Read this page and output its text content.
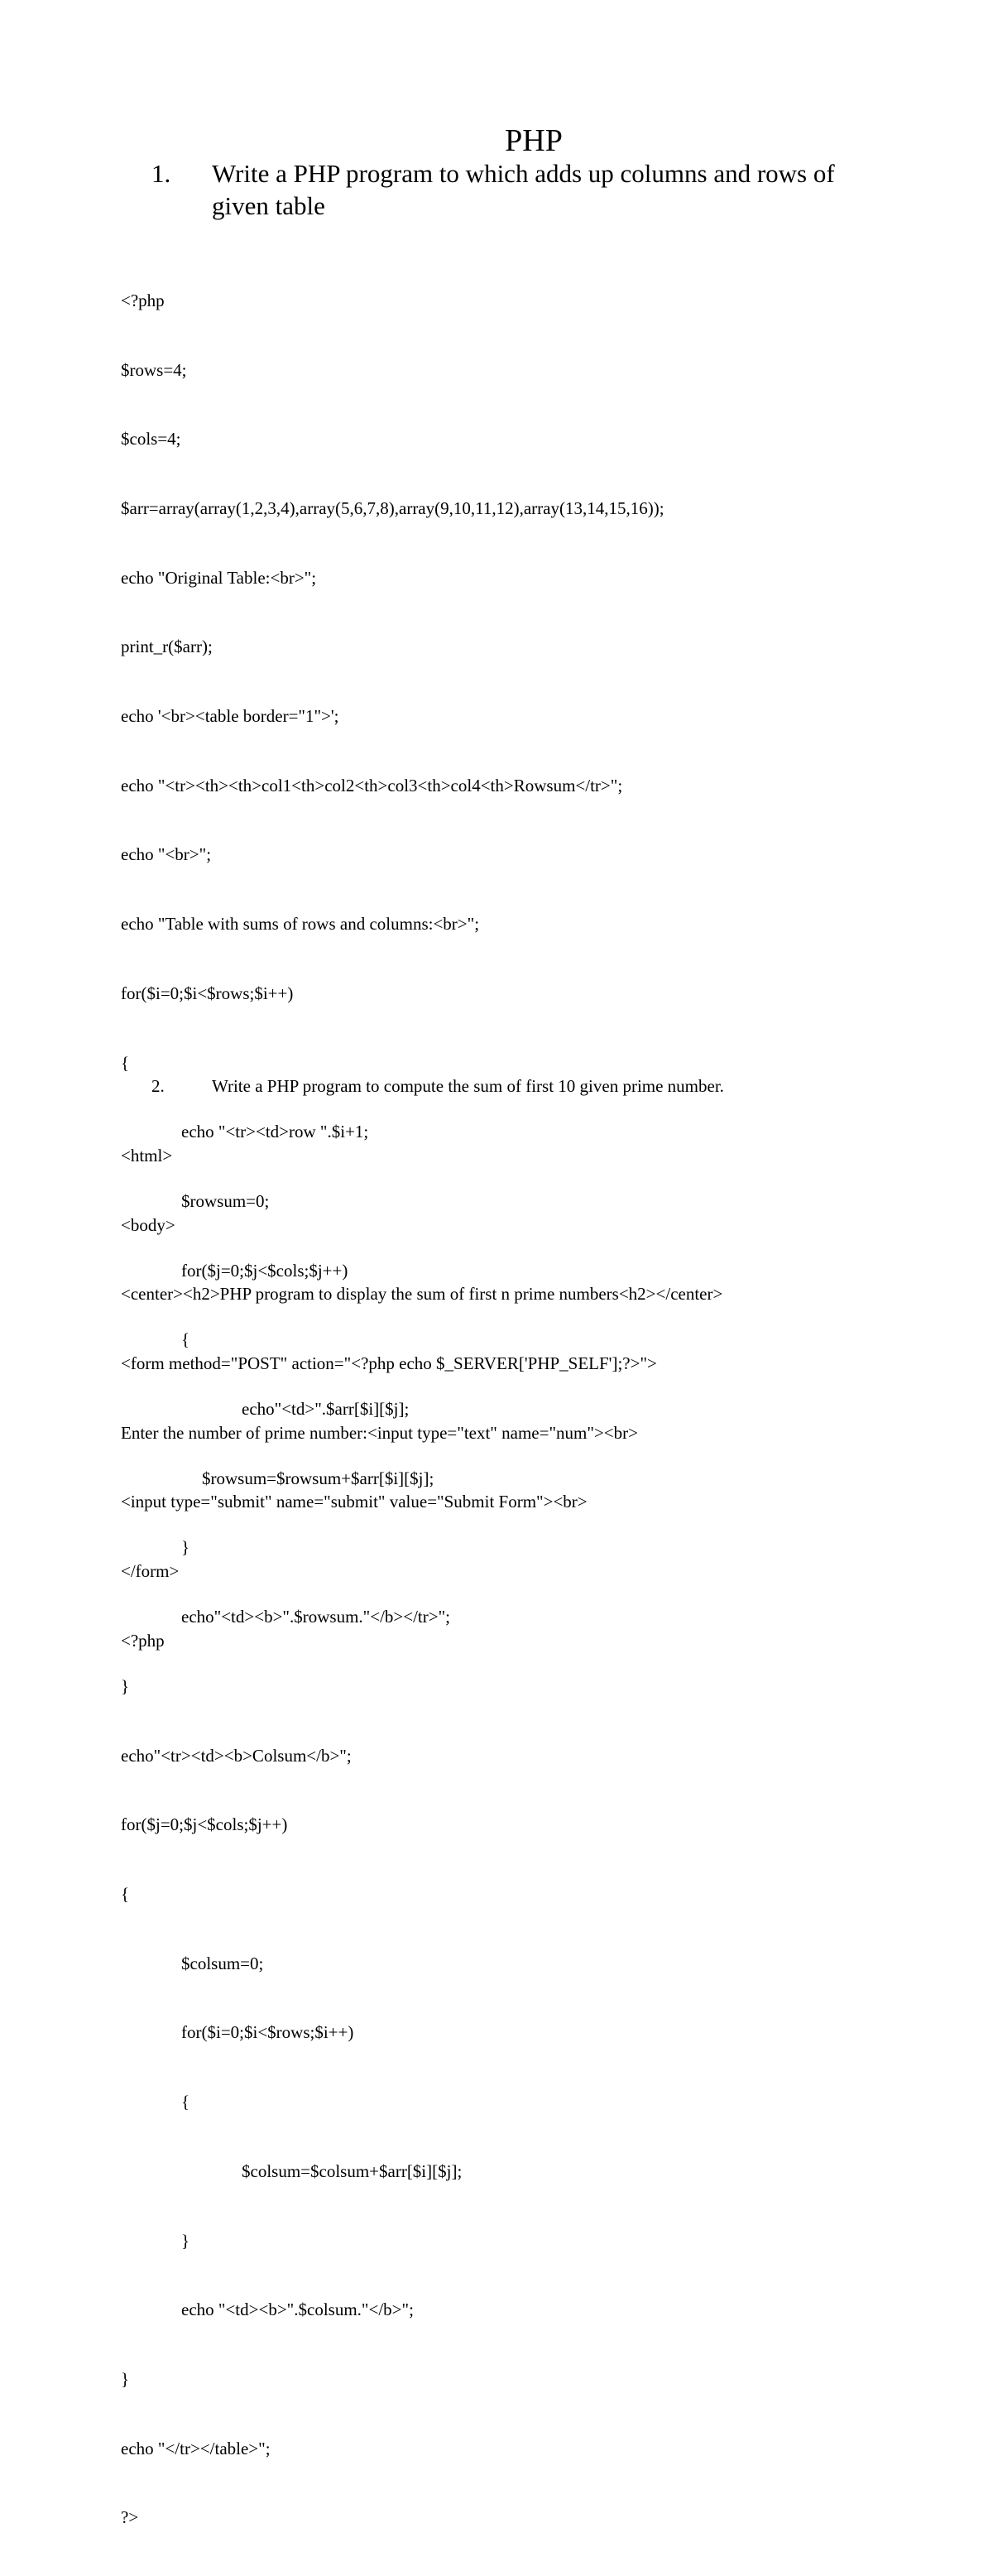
PHP
1.	Write a PHP program to which adds up columns and rows of
given table

<?php

$rows=4;

$cols=4;

$arr=array(array(1,2,3,4),array(5,6,7,8),array(9,10,11,12),array(13,14,15,16));

echo "Original Table:<br>";

print_r($arr);

echo '<br><table border="1">';

echo "<tr><th><th>col1<th>col2<th>col3<th>col4<th>Rowsum</tr>";

echo "<br>";

echo "Table with sums of rows and columns:<br>";

for($i=0;$i<$rows;$i++)

{

echo "<tr><td>row ".$i+1;

$rowsum=0;

for($j=0;$j<$cols;$j++)

{

echo"<td>".$arr[$i][$j];

$rowsum=$rowsum+$arr[$i][$j];

}

echo"<td><b>".$rowsum."</b></tr>";

}

echo"<tr><td><b>Colsum</b>";

for($j=0;$j<$cols;$j++)

{

$colsum=0;

for($i=0;$i<$rows;$i++)

{

$colsum=$colsum+$arr[$i][$j];

}

echo "<td><b>".$colsum."</b>";

}

echo "</tr></table>";

?>

2.	Write a PHP program to compute the sum of first 10 given prime number.

<html>

<body>

<center><h2>PHP program to display the sum of first n prime numbers<h2></center>

<form method="POST" action="<?php echo $_SERVER['PHP_SELF'];?>">

Enter the number of prime number:<input type="text" name="num"><br>

<input type="submit" name="submit" value="Submit Form"><br>

</form>

<?php
